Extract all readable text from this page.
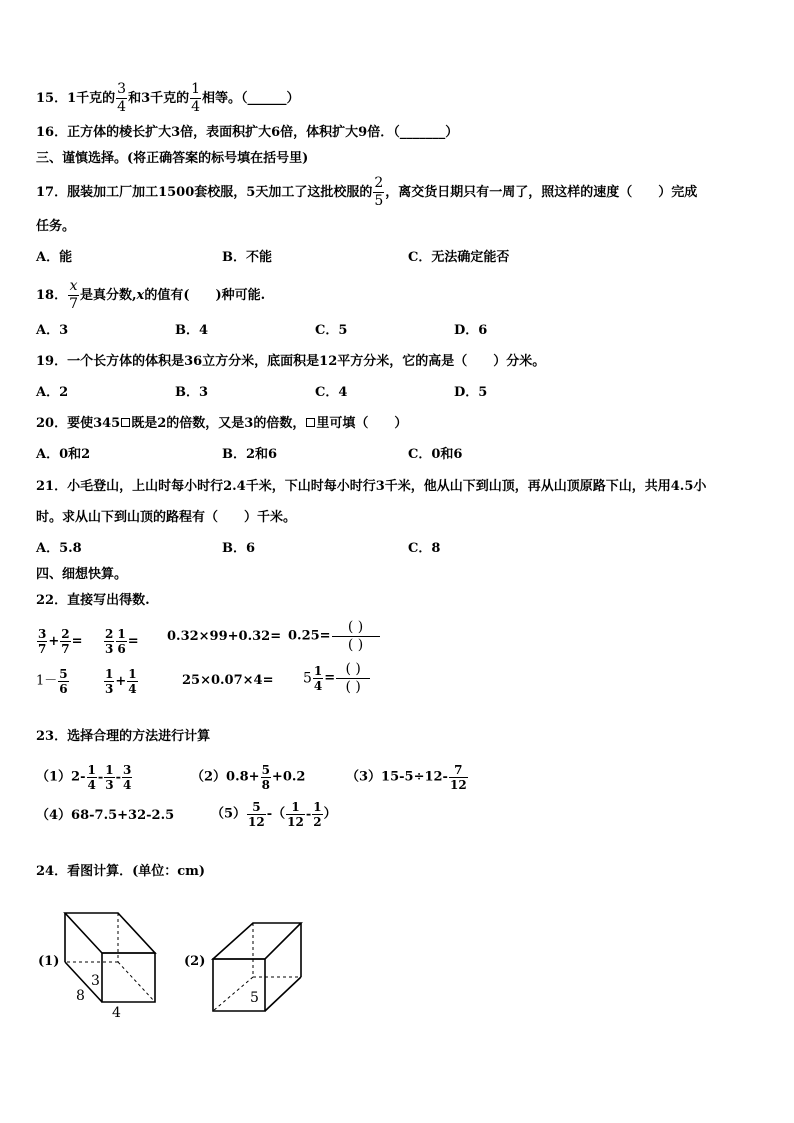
15．1千克的 $\frac{3}{4}$ 和3千克的 $\frac{1}{4}$ 相等。（______）
16．正方体的棱长扩大3倍，表面积扩大6倍，体积扩大9倍．（_______）
三、谨慎选择。(将正确答案的标号填在括号里)
17．服装加工厂加工1500套校服，5天加工了这批校服的 $\frac{2}{5}$ ，离交货日期只有一周了，照这样的速度（　　）完成
任务。
A．能	B．不能	C．无法确定能否
18． $\frac{x}{7}$ 是真分数,x的值有(　　)种可能.
A．3	B．4	C．5	D．6
19．一个长方体的体积是36立方分米，底面积是12平方分米，它的高是（　　）分米。
A．2	B．3	C．4	D．5
20．要使345 既是2的倍数，又是3的倍数， 里可填（　　）
A．0和2	B．2和6	C．0和6
21．小毛登山，上山时每小时行2.4千米，下山时每小时行3千米，他从山下到山顶，再从山顶原路下山，共用4.5小
时。求从山下到山顶的路程有（　　）千米。
A．5.8	B．6	C．8
四、细想快算。
22．直接写出得数.
$\frac{3}{7} + \frac{2}{7} = \frac{2}{3} \frac{1}{6} = 0.32\times 99+0.32= 0.25= \frac{( )}{( )}$
$1- \frac{5}{6}$	$\frac{1}{3} + \frac{1}{4}$	$25\times 0.07\times 4= 5 \frac{1}{4} = \frac{( )}{( )}$
23．选择合理的方法进行计算
$(1)2- \frac{1}{4} - \frac{1}{3} - \frac{3}{4}$	$(2)0.8+ \frac{5}{8} +0.2$	$(3)15-5\div 12- \frac{7}{12}$
（4）68-7.5+32-2.5	$(5) \frac{5}{12}$ -（ $\frac{1}{12} - \frac{1}{2}$ ）
24．看图计算．(单位：cm)
(1)
3
8
4
(2)
5
